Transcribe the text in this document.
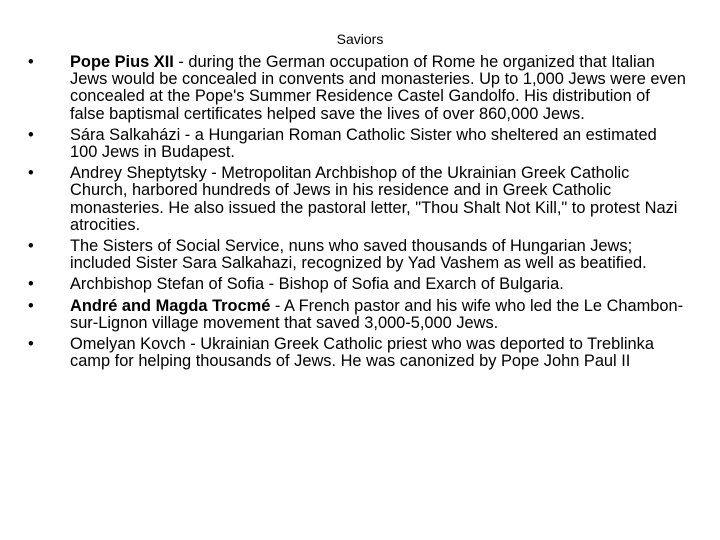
Saviors
•	Pope Pius XII - during the German occupation of Rome he organized that Italian Jews would be concealed in convents and monasteries. Up to 1,000 Jews were even concealed at the Pope's Summer Residence Castel Gandolfo. His distribution of false baptismal certificates helped save the lives of over 860,000 Jews.
•	Sára Salkaházi - a Hungarian Roman Catholic Sister who sheltered an estimated 100 Jews in Budapest.
•	Andrey Sheptytsky - Metropolitan Archbishop of the Ukrainian Greek Catholic Church, harbored hundreds of Jews in his residence and in Greek Catholic monasteries. He also issued the pastoral letter, "Thou Shalt Not Kill," to protest Nazi atrocities.
•	The Sisters of Social Service, nuns who saved thousands of Hungarian Jews; included Sister Sara Salkahazi, recognized by Yad Vashem as well as beatified.
•	Archbishop Stefan of Sofia - Bishop of Sofia and Exarch of Bulgaria.
•	André and Magda Trocmé - A French pastor and his wife who led the Le Chambon-sur-Lignon village movement that saved 3,000-5,000 Jews.
•	Omelyan Kovch - Ukrainian Greek Catholic priest who was deported to Treblinka camp for helping thousands of Jews. He was canonized by Pope John Paul II
